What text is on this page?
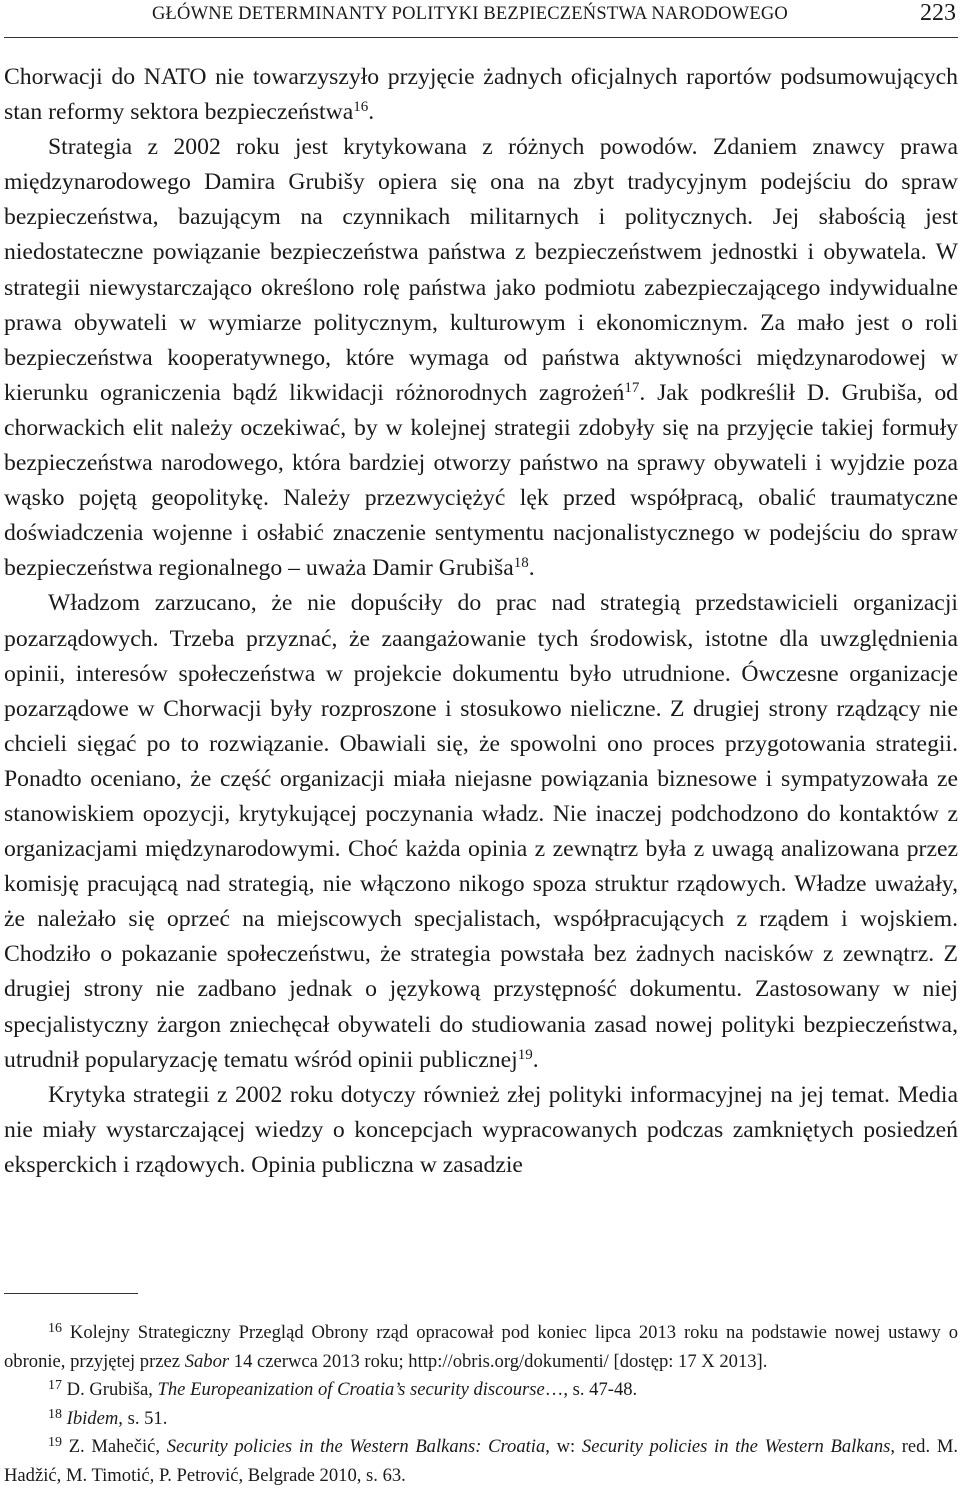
GŁÓWNE DETERMINANTY POLITYKI BEZPIECZEŃSTWA NARODOWEGO	223

Chorwacji do NATO nie towarzyszyło przyjęcie żadnych oficjalnych raportów podsumowujących stan reformy sektora bezpieczeństwa$^{16}$.

Strategia z 2002 roku jest krytykowana z różnych powodów. Zdaniem znawcy prawa międzynarodowego Damira Grubišy opiera się ona na zbyt tradycyjnym podejściu do spraw bezpieczeństwa, bazującym na czynnikach militarnych i politycznych. Jej słabością jest niedostateczne powiązanie bezpieczeństwa państwa z bezpieczeństwem jednostki i obywatela. W strategii niewystarczająco określono rolę państwa jako podmiotu zabezpieczającego indywidualne prawa obywateli w wymiarze politycznym, kulturowym i ekonomicznym. Za mało jest o roli bezpieczeństwa kooperatywnego, które wymaga od państwa aktywności międzynarodowej w kierunku ograniczenia bądź likwidacji różnorodnych zagrożeń$^{17}$. Jak podkreślił D. Grubiša, od chorwackich elit należy oczekiwać, by w kolejnej strategii zdobyły się na przyjęcie takiej formuły bezpieczeństwa narodowego, która bardziej otworzy państwo na sprawy obywateli i wyjdzie poza wąsko pojętą geopolitykę. Należy przezwyciężyć lęk przed współpracą, obalić traumatyczne doświadczenia wojenne i osłabić znaczenie sentymentu nacjonalistycznego w podejściu do spraw bezpieczeństwa regionalnego – uważa Damir Grubiša$^{18}$.

Władzom zarzucano, że nie dopuściły do prac nad strategią przedstawicieli organizacji pozarządowych. Trzeba przyznać, że zaangażowanie tych środowisk, istotne dla uwzględnienia opinii, interesów społeczeństwa w projekcie dokumentu było utrudnione. Ówczesne organizacje pozarządowe w Chorwacji były rozproszone i stosukowo nieliczne. Z drugiej strony rządzący nie chcieli sięgać po to rozwiązanie. Obawiali się, że spowolni ono proces przygotowania strategii. Ponadto oceniano, że część organizacji miała niejasne powiązania biznesowe i sympatyzowała ze stanowiskiem opozycji, krytykującej poczynania władz. Nie inaczej podchodzono do kontaktów z organizacjami międzynarodowymi. Choć każda opinia z zewnątrz była z uwagą analizowana przez komisję pracującą nad strategią, nie włączono nikogo spoza struktur rządowych. Władze uważały, że należało się oprzeć na miejscowych specjalistach, współpracujących z rządem i wojskiem. Chodziło o pokazanie społeczeństwu, że strategia powstała bez żadnych nacisków z zewnątrz. Z drugiej strony nie zadbano jednak o językową przystępność dokumentu. Zastosowany w niej specjalistyczny żargon zniechęcał obywateli do studiowania zasad nowej polityki bezpieczeństwa, utrudnił popularyzację tematu wśród opinii publicznej$^{19}$.

Krytyka strategii z 2002 roku dotyczy również złej polityki informacyjnej na jej temat. Media nie miały wystarczającej wiedzy o koncepcjach wypracowanych podczas zamkniętych posiedzeń eksperckich i rządowych. Opinia publiczna w zasadzie

$^{16}$ Kolejny Strategiczny Przegląd Obrony rząd opracował pod koniec lipca 2013 roku na podstawie nowej ustawy o obronie, przyjętej przez Sabor 14 czerwca 2013 roku; http://obris.org/dokumenti/ [dostęp: 17 X 2013].

$^{17}$ D. Grubiša, The Europeanization of Croatia’s security discourse…, s. 47-48.

$^{18}$ Ibidem, s. 51.

$^{19}$ Z. Mahečić, Security policies in the Western Balkans: Croatia, w: Security policies in the Western Balkans, red. M. Hadžić, M. Timotić, P. Petrović, Belgrade 2010, s. 63.
